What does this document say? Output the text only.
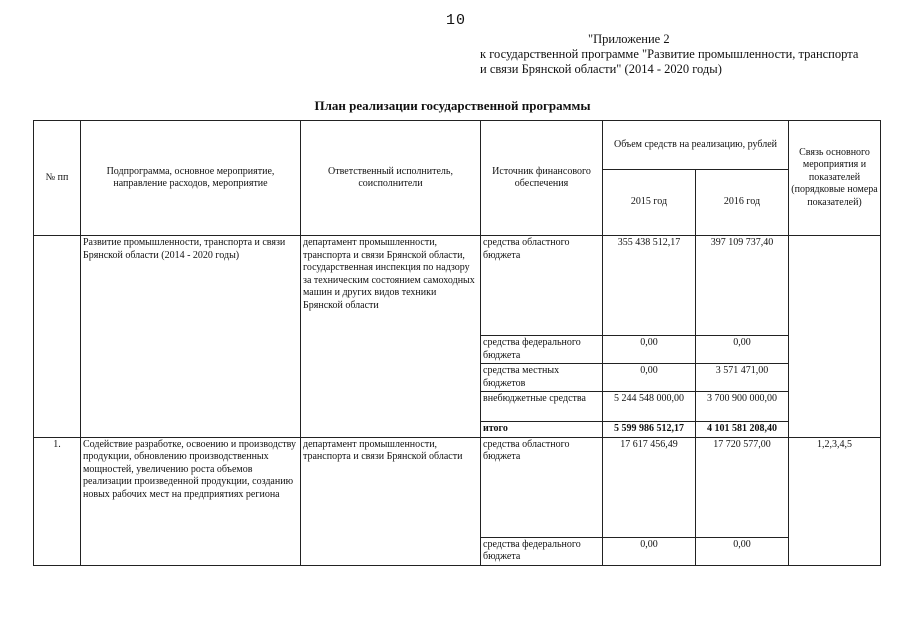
10
"Приложение 2
к государственной программе "Развитие промышленности, транспорта
и связи Брянской области" (2014 - 2020 годы)
План реализации государственной программы
№ пп	Подпрограмма, основное мероприятие, направление расходов, мероприятие	Ответственный исполнитель, соисполнители	Источник финансового обеспечения	Объем средств на реализацию, рублей		Связь основного мероприятия и показателей (порядковые номера показателей)
				2015 год	2016 год	
	Развитие промышленности, транспорта и связи Брянской области (2014 - 2020 годы)	департамент промышленности, транспорта и связи Брянской области, государственная инспекция по надзору за техническим состоянием самоходных машин и других видов техники Брянской области	средства областного бюджета	355 438 512,17	397 109 737,40	
			средства федерального бюджета	0,00	0,00	
			средства местных бюджетов	0,00	3 571 471,00	
			внебюджетные средства	5 244 548 000,00	3 700 900 000,00	
			итого	5 599 986 512,17	4 101 581 208,40	
1.	Содействие разработке, освоению и производству продукции, обновлению производственных мощностей, увеличению роста объемов реализации произведенной продукции, созданию новых рабочих мест на предприятиях региона	департамент промышленности, транспорта и связи Брянской области	средства областного бюджета	17 617 456,49	17 720 577,00	1,2,3,4,5
			средства федерального бюджета	0,00	0,00	
